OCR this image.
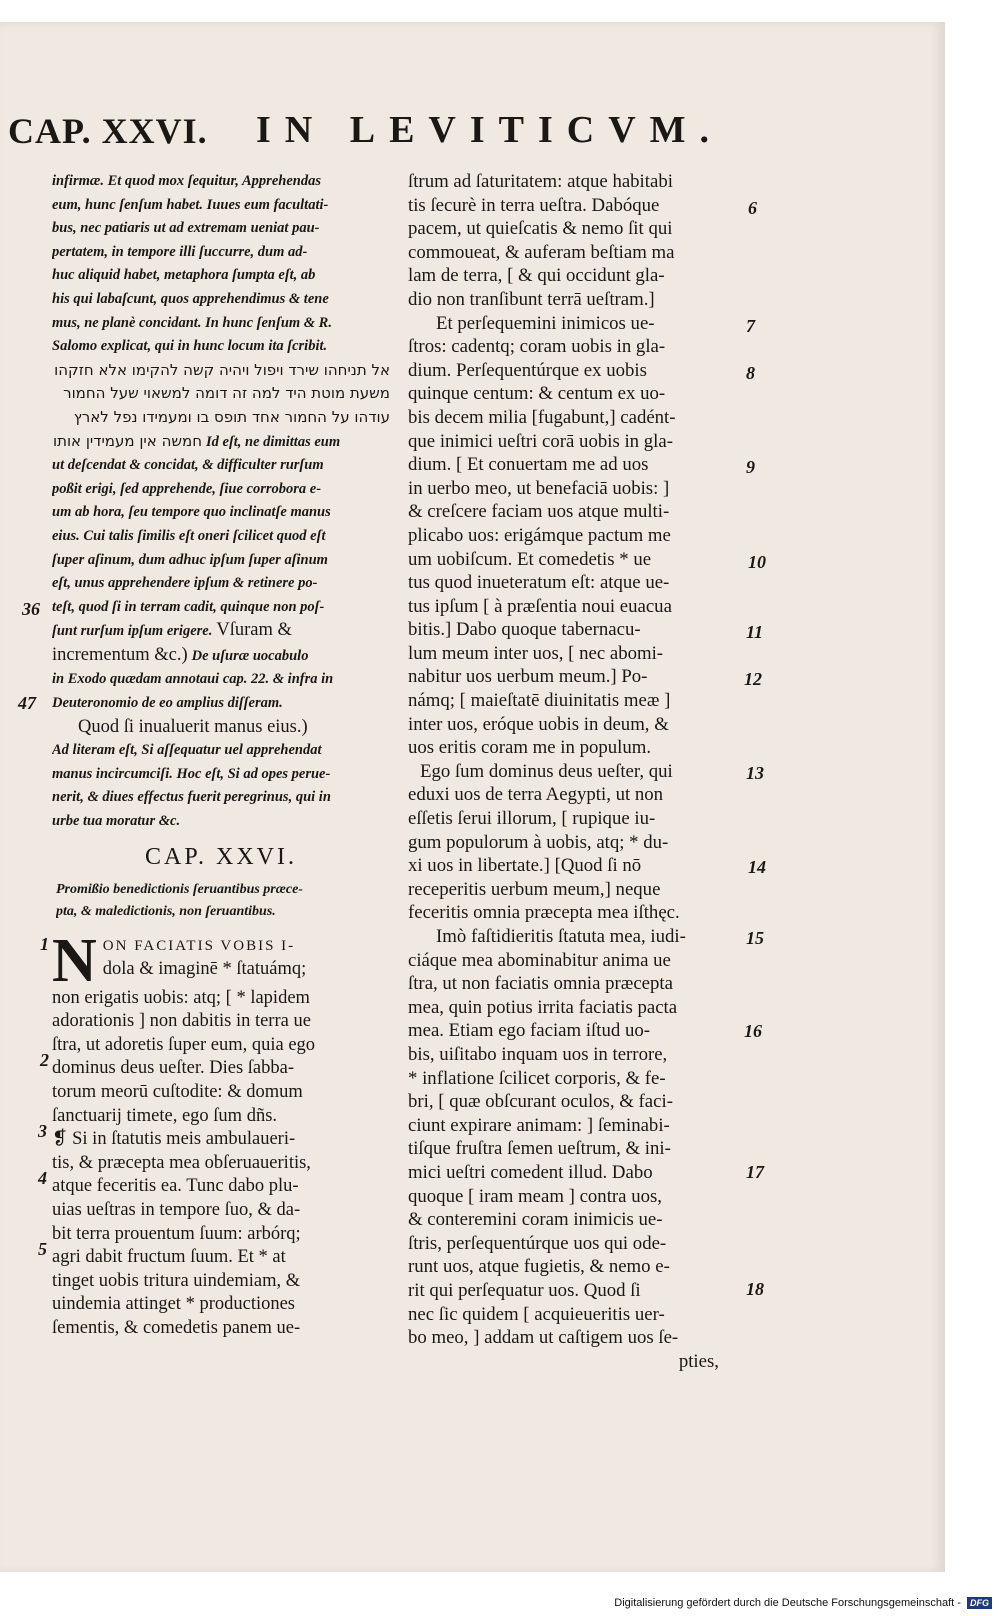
CAP. XXVI. IN LEVITICVM.
infirmæ. Et quod mox ſequitur, Apprehendas
eum, hunc ſenſum habet. Iuues eum facultati-
bus, nec patiaris ut ad extremam ueniat pau-
pertatem, in tempore illi ſuccurre, dum ad-
huc aliquid habet, metaphora ſumpta eſt, ab
his qui labaſcunt, quos apprehendimus & tene
mus, ne planè concidant. In hunc ſenſum & R.
Salomo explicat, qui in hunc locum ita ſcribit.
אל תניחהו שירד ויפול ויהיה קשה להקימו אלא חזקהו
משעת מוטת היד למה זה דומה למשאוי שעל החמור
עודהו על החמור אחד תופס בו ומעמידו נפל לארץ
חמשה אין מעמידין אותו Id eſt, ne dimittas eum
ut deſcendat & concidat, & difficulter rurſum
poßit erigi, ſed apprehende, ſiue corrobora e-
um ab hora, ſeu tempore quo inclinatſe manus
eius. Cui talis ſimilis eſt oneri ſcilicet quod eſt
ſuper aſinum, dum adhuc ipſum ſuper aſinum
eſt, unus apprehendere ipſum & retinere po-
teſt, quod ſi in terram cadit, quinque non poſ-
ſunt rurſum ipſum erigere. Vſuram &
incrementum &c.) De uſuræ uocabulo
in Exodo quædam annotaui cap. 22. & infra in
Deuteronomio de eo amplius diſſeram.
Quod ſi inualuerit manus eius.)
Ad literam eſt, Si aſſequatur uel apprehendat
manus incircumciſi. Hoc eſt, Si ad opes perue-
nerit, & diues effectus fuerit peregrinus, qui in
urbe tua moratur &c.
CAP. XXVI.
Promißio benedictionis ſeruantibus præce-
pta, & maledictionis, non ſeruantibus.
N ON FACIATIS VOBIS I-
dola & imaginē * ſtatuámq;
non erigatis uobis: atq; [ * lapidem
adorationis ] non dabitis in terra ue
ſtra, ut adoretis ſuper eum, quia ego
dominus deus ueſter. Dies ſabba-
torum meorū cuſtodite: & domum
ſanctuarij timete, ego ſum dñs.
❡ Si in ſtatutis meis ambulaueri-
tis, & præcepta mea obſeruaueritis,
atque feceritis ea. Tunc dabo plu-
uias ueſtras in tempore ſuo, & da-
bit terra prouentum ſuum: arbórq;
agri dabit fructum ſuum. Et * at
tinget uobis tritura uindemiam, &
uindemia attinget * productiones
ſementis, & comedetis panem ue-
36
47
1
2
3
4
5
ſtrum ad ſaturitatem: atque habitabi
tis ſecurè in terra ueſtra. Dabóque
pacem, ut quieſcatis & nemo ſit qui
commoueat, & auferam beſtiam ma
lam de terra, [ & qui occidunt gla-
dio non tranſibunt terrā ueſtram.]
Et perſequemini inimicos ue-
ſtros: cadentq; coram uobis in gla-
dium. Perſequentúrque ex uobis
quinque centum: & centum ex uo-
bis decem milia [fugabunt,] cadént-
que inimici ueſtri corā uobis in gla-
dium. [ Et conuertam me ad uos
in uerbo meo, ut benefaciā uobis: ]
& creſcere faciam uos atque multi-
plicabo uos: erigámque pactum me
um uobiſcum. Et comedetis * ue
tus quod inueteratum eſt: atque ue-
tus ipſum [ à præſentia noui euacua
bitis.] Dabo quoque tabernacu-
lum meum inter uos, [ nec abomi-
nabitur uos uerbum meum.] Po-
námq; [ maieſtatē diuinitatis meæ ]
inter uos, eróque uobis in deum, &
uos eritis coram me in populum.
Ego ſum dominus deus ueſter, qui
eduxi uos de terra Aegypti, ut non
eſſetis ſerui illorum, [ rupique iu-
gum populorum à uobis, atq; * du-
xi uos in libertate.] [Quod ſi nō
receperitis uerbum meum,] neque
feceritis omnia præcepta mea iſthęc.
Imò faſtidieritis ſtatuta mea, iudi-
ciáque mea abominabitur anima ue
ſtra, ut non faciatis omnia præcepta
mea, quin potius irrita faciatis pacta
mea. Etiam ego faciam iſtud uo-
bis, uiſitabo inquam uos in terrore,
* inflatione ſcilicet corporis, & fe-
bri, [ quæ obſcurant oculos, & faci-
ciunt expirare animam: ] ſeminabi-
tiſque fruſtra ſemen ueſtrum, & ini-
mici ueſtri comedent illud. Dabo
quoque [ iram meam ] contra uos,
& conteremini coram inimicis ue-
ſtris, perſequentúrque uos qui ode-
runt uos, atque fugietis, & nemo e-
rit qui perſequatur uos. Quod ſi
nec ſic quidem [ acquieueritis uer-
bo meo, ] addam ut caſtigem uos ſe-
pties,
6
7
8
9
10
11
12
13
14
15
16
17
18
Digitalisierung gefördert durch die Deutsche Forschungsgemeinschaft - DFG
